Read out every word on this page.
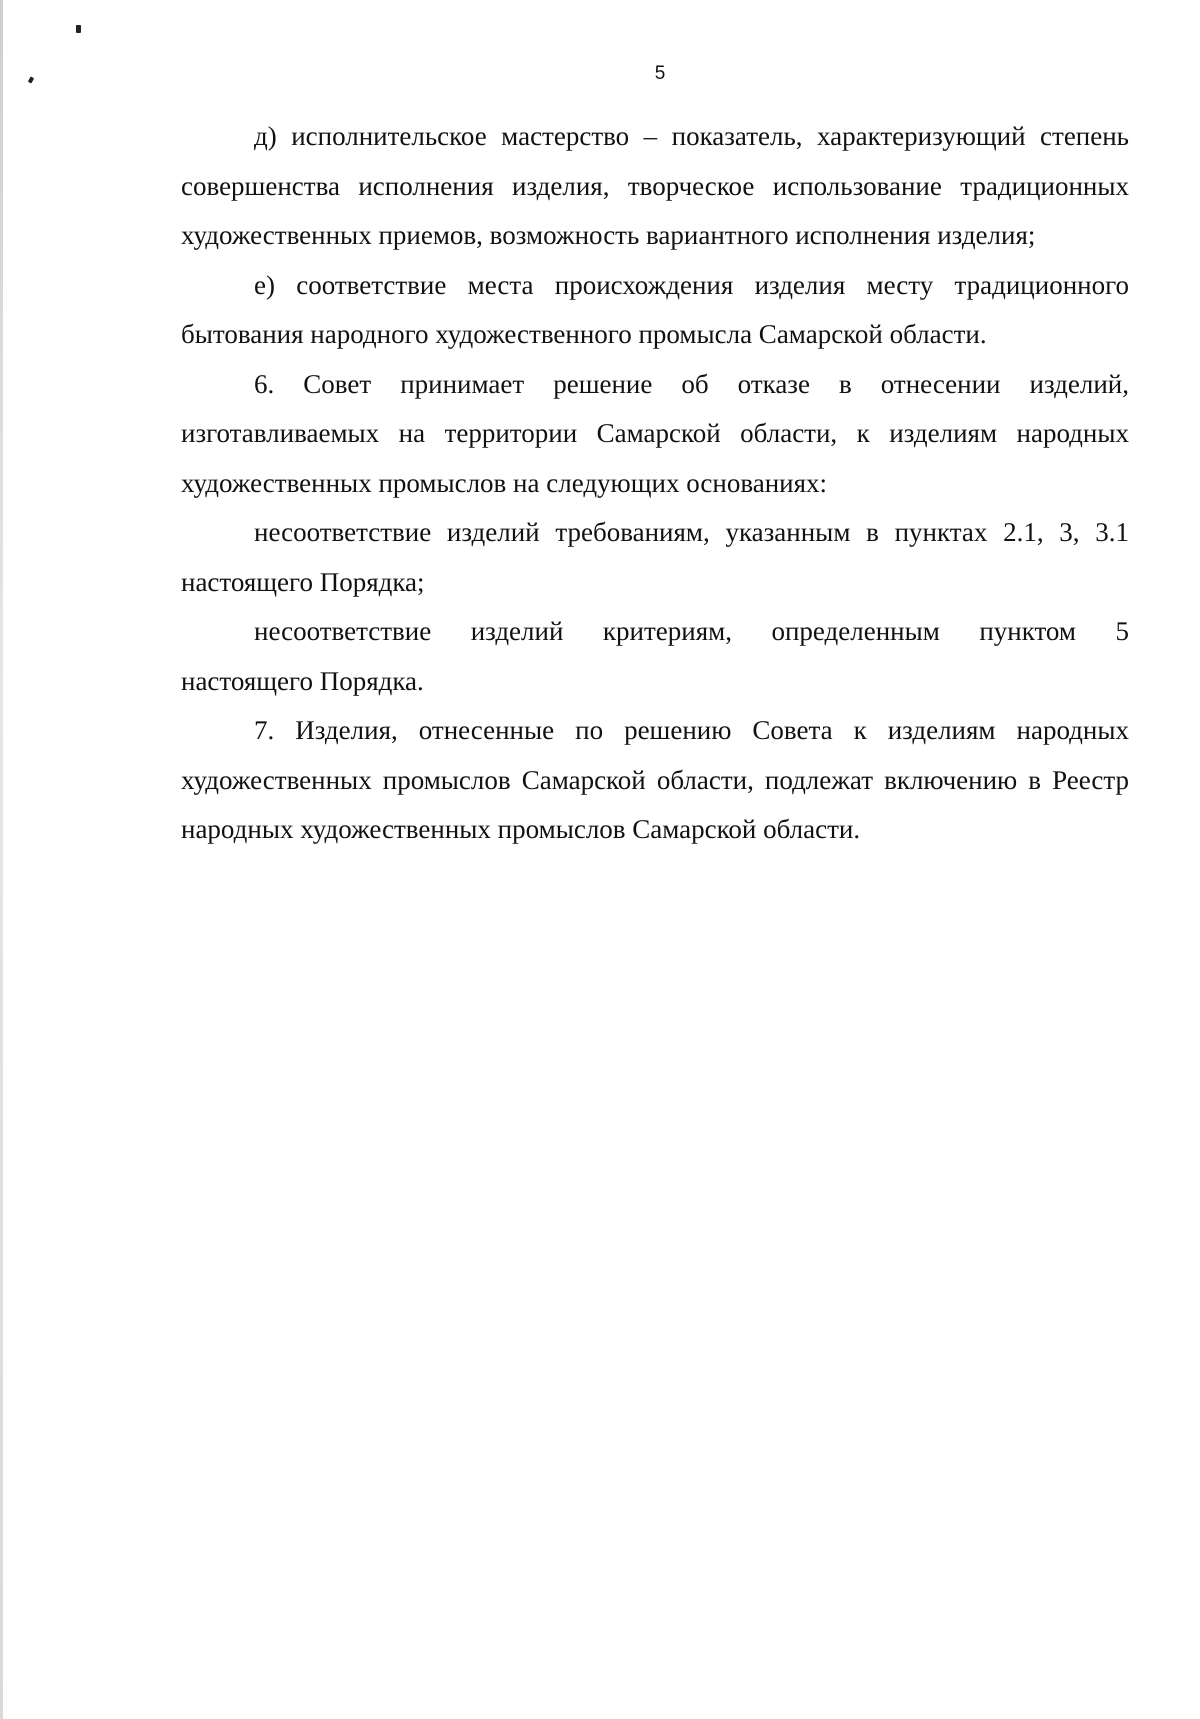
5

д) исполнительское мастерство – показатель, характеризующий степень совершенства исполнения изделия, творческое использование традиционных художественных приемов, возможность вариантного исполнения изделия;

е) соответствие места происхождения изделия месту традиционного бытования народного художественного промысла Самарской области.

6. Совет принимает решение об отказе в отнесении изделий, изготавливаемых на территории Самарской области, к изделиям народных художественных промыслов на следующих основаниях:

несоответствие изделий требованиям, указанным в пунктах 2.1, 3, 3.1 настоящего Порядка;

несоответствие изделий критериям, определенным пунктом 5

настоящего Порядка.

7. Изделия, отнесенные по решению Совета к изделиям народных художественных промыслов Самарской области, подлежат включению в Реестр народных художественных промыслов Самарской области.
